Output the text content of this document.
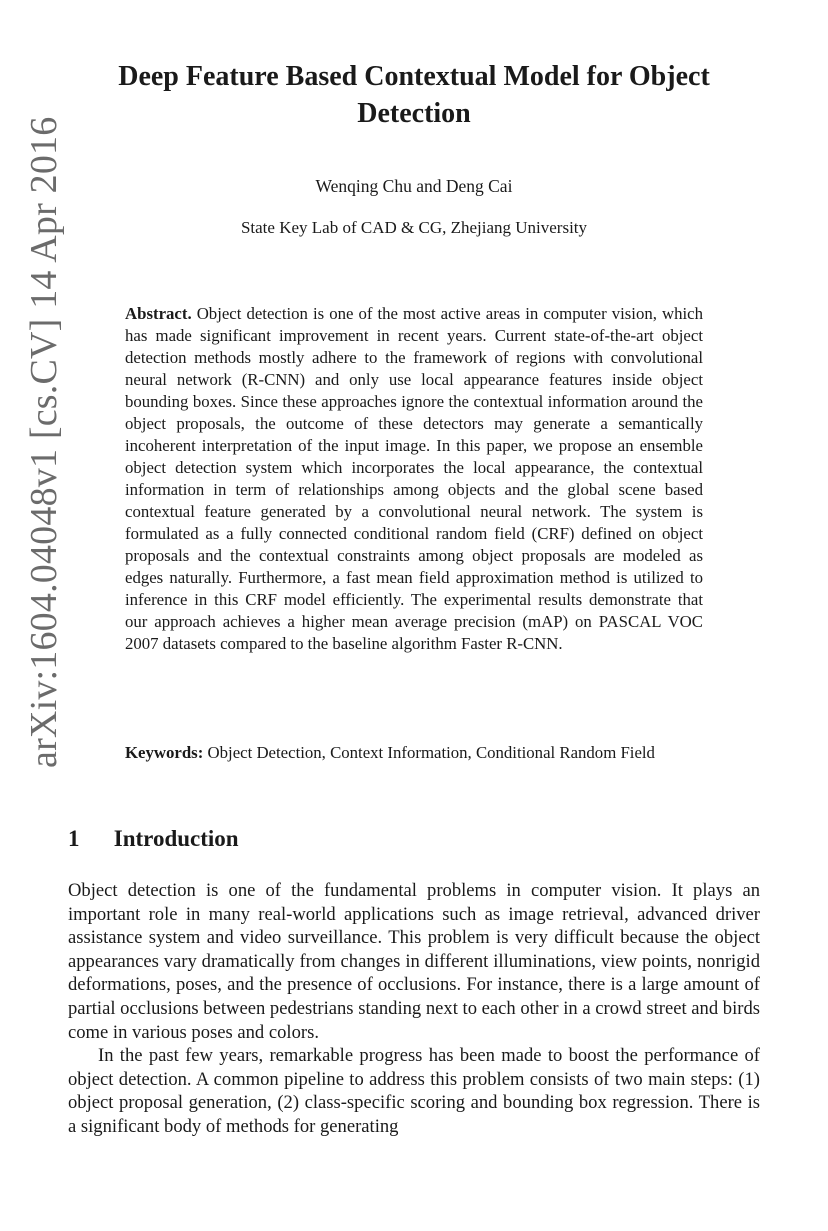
arXiv:1604.04048v1 [cs.CV] 14 Apr 2016
Deep Feature Based Contextual Model for Object Detection
Wenqing Chu and Deng Cai
State Key Lab of CAD & CG, Zhejiang University
Abstract. Object detection is one of the most active areas in computer vision, which has made significant improvement in recent years. Current state-of-the-art object detection methods mostly adhere to the framework of regions with convolutional neural network (R-CNN) and only use local appearance features inside object bounding boxes. Since these approaches ignore the contextual information around the object proposals, the outcome of these detectors may generate a semantically incoherent interpretation of the input image. In this paper, we propose an ensemble object detection system which incorporates the local appearance, the contextual information in term of relationships among objects and the global scene based contextual feature generated by a convolutional neural network. The system is formulated as a fully connected conditional random field (CRF) defined on object proposals and the contextual constraints among object proposals are modeled as edges naturally. Furthermore, a fast mean field approximation method is utilized to inference in this CRF model efficiently. The experimental results demonstrate that our approach achieves a higher mean average precision (mAP) on PASCAL VOC 2007 datasets compared to the baseline algorithm Faster R-CNN.
Keywords: Object Detection, Context Information, Conditional Random Field
1 Introduction

Object detection is one of the fundamental problems in computer vision. It plays an important role in many real-world applications such as image retrieval, advanced driver assistance system and video surveillance. This problem is very difficult because the object appearances vary dramatically from changes in different illuminations, view points, nonrigid deformations, poses, and the presence of occlusions. For instance, there is a large amount of partial occlusions between pedestrians standing next to each other in a crowd street and birds come in various poses and colors.

In the past few years, remarkable progress has been made to boost the performance of object detection. A common pipeline to address this problem consists of two main steps: (1) object proposal generation, (2) class-specific scoring and bounding box regression. There is a significant body of methods for generating
